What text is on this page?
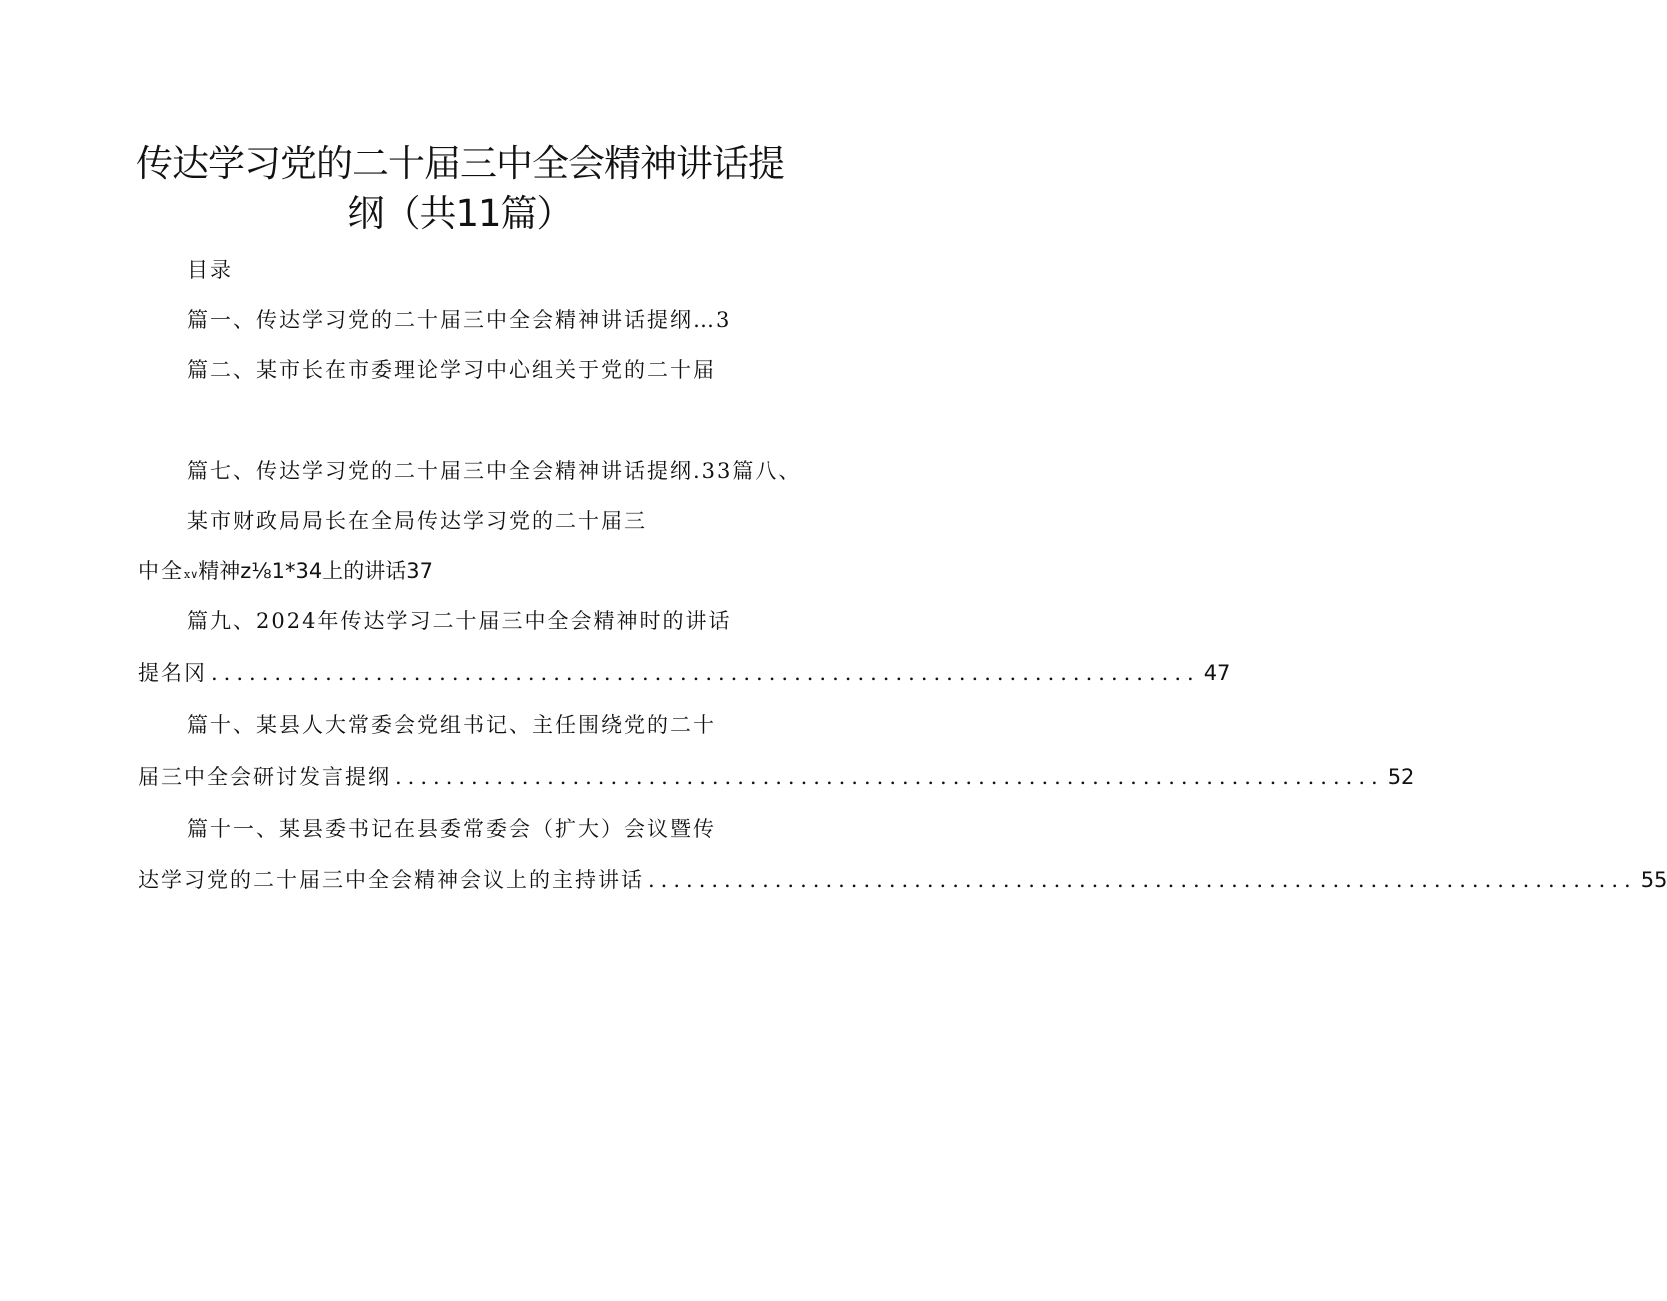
传达学习党的二十届三中全会精神讲话提
纲（共11篇）
目录
篇一、传达学习党的二十届三中全会精神讲话提纲…3
篇二、某市长在市委理论学习中心组关于党的二十届
篇七、传达学习党的二十届三中全会精神讲话提纲.33篇八、
某市财政局局长在全局传达学习党的二十届三
中全x∨精神z⅛1*34上的讲话37
篇九、2024年传达学习二十届三中全会精神时的讲话
提名冈 .............................................................................. 47
篇十、某县人大常委会党组书记、主任围绕党的二十
届三中全会研讨发言提纲 .............................................................................. 52
篇十一、某县委书记在县委常委会（扩大）会议暨传
达学习党的二十届三中全会精神会议上的主持讲话 .............................................................................. 55
